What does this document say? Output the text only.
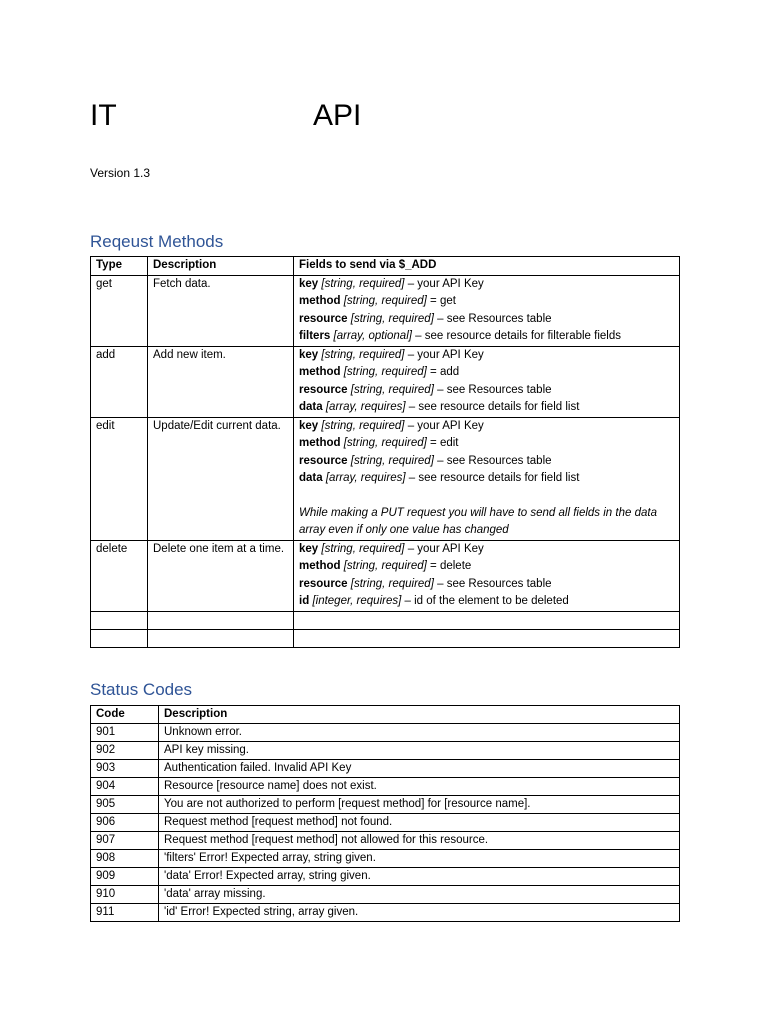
IT	API
Version 1.3
Reqeust Methods
Type	Description	Fields to send via $_ADD
get	Fetch data.	key [string, required] – your API Key
method [string, required] = get
resource [string, required] – see Resources table
filters [array, optional] – see resource details for filterable fields

add	Add new item.	key [string, required] – your API Key
method [string, required] = add
resource [string, required] – see Resources table
data [array, requires] – see resource details for field list

edit	Update/Edit current data.	key [string, required] – your API Key
method [string, required] = edit
resource [string, required] – see Resources table
data [array, requires] – see resource details for field list
While making a PUT request you will have to send all fields in the data array even if only one value has changed

delete	Delete one item at a time.	key [string, required] – your API Key
method [string, required] = delete
resource [string, required] – see Resources table
id [integer, requires] – id of the element to be deleted

Status Codes
Code	Description
901	Unknown error.
902	API key missing.
903	Authentication failed. Invalid API Key
904	Resource [resource name] does not exist.
905	You are not authorized to perform [request method] for [resource name].
906	Request method [request method] not found.
907	Request method [request method] not allowed for this resource.
908	'filters' Error! Expected array, string given.
909	'data' Error! Expected array, string given.
910	'data' array missing.
911	'id' Error! Expected string, array given.
